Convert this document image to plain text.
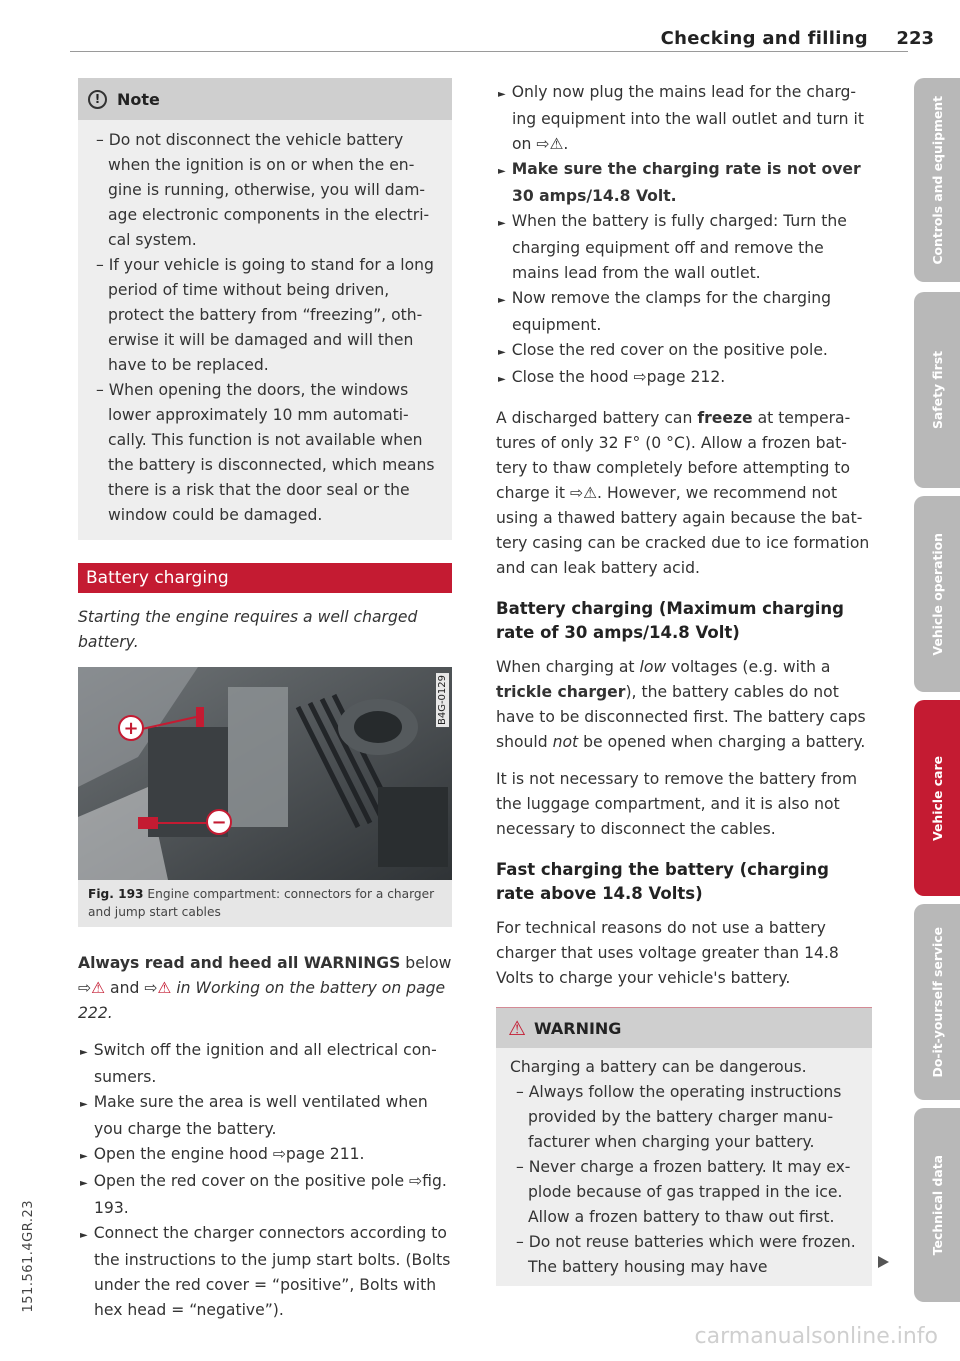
Checking and filling 223
!	Note

– Do not disconnect the vehicle battery when the ignition is on or when the engine is running, otherwise, you will damage electronic components in the electrical system.

– If your vehicle is going to stand for a long period of time without being driven, protect the battery from “freezing”, otherwise it will be damaged and will then have to be replaced.

– When opening the doors, the windows lower approximately 10 mm automatically. This function is not available when the battery is disconnected, which means there is a risk that the door seal or the window could be damaged.

Battery charging

Starting the engine requires a well charged battery.

+
−
B4G-0129
Fig. 193 Engine compartment: connectors for a charger and jump start cables

Always read and heed all WARNINGS below
⇨⚠ and ⇨⚠ in Working on the battery on page 222.

► Switch off the ignition and all electrical consumers.

► Make sure the area is well ventilated when you charge the battery.

► Open the engine hood ⇨page 211.

► Open the red cover on the positive pole ⇨fig. 193.

► Connect the charger connectors according to the instructions to the jump start bolts. (Bolts under the red cover = “positive”, Bolts with hex head = “negative”).

► Only now plug the mains lead for the charging equipment into the wall outlet and turn it on ⇨⚠.

► Make sure the charging rate is not over 30 amps/14.8 Volt.

► When the battery is fully charged: Turn the charging equipment off and remove the mains lead from the wall outlet.

► Now remove the clamps for the charging equipment.

► Close the red cover on the positive pole.

► Close the hood ⇨page 212.

A discharged battery can freeze at temperatures of only 32 F° (0 °C). Allow a frozen battery to thaw completely before attempting to charge it ⇨⚠. However, we recommend not using a thawed battery again because the battery casing can be cracked due to ice formation and can leak battery acid.

Battery charging (Maximum charging rate of 30 amps/14.8 Volt)

When charging at low voltages (e.g. with a trickle charger), the battery cables do not have to be disconnected first. The battery caps should not be opened when charging a battery.

It is not necessary to remove the battery from the luggage compartment, and it is also not necessary to disconnect the cables.

Fast charging the battery (charging rate above 14.8 Volts)

For technical reasons do not use a battery charger that uses voltage greater than 14.8 Volts to charge your vehicle's battery.

⚠ WARNING

Charging a battery can be dangerous.

– Always follow the operating instructions provided by the battery charger manufacturer when charging your battery.

– Never charge a frozen battery. It may explode because of gas trapped in the ice. Allow a frozen battery to thaw out first.

– Do not reuse batteries which were frozen. The battery housing may have

Controls and equipment
Safety first
Vehicle operation
Vehicle care
Do-it-yourself service
Technical data
151.561.4GR.23
carmanualsonline.info
